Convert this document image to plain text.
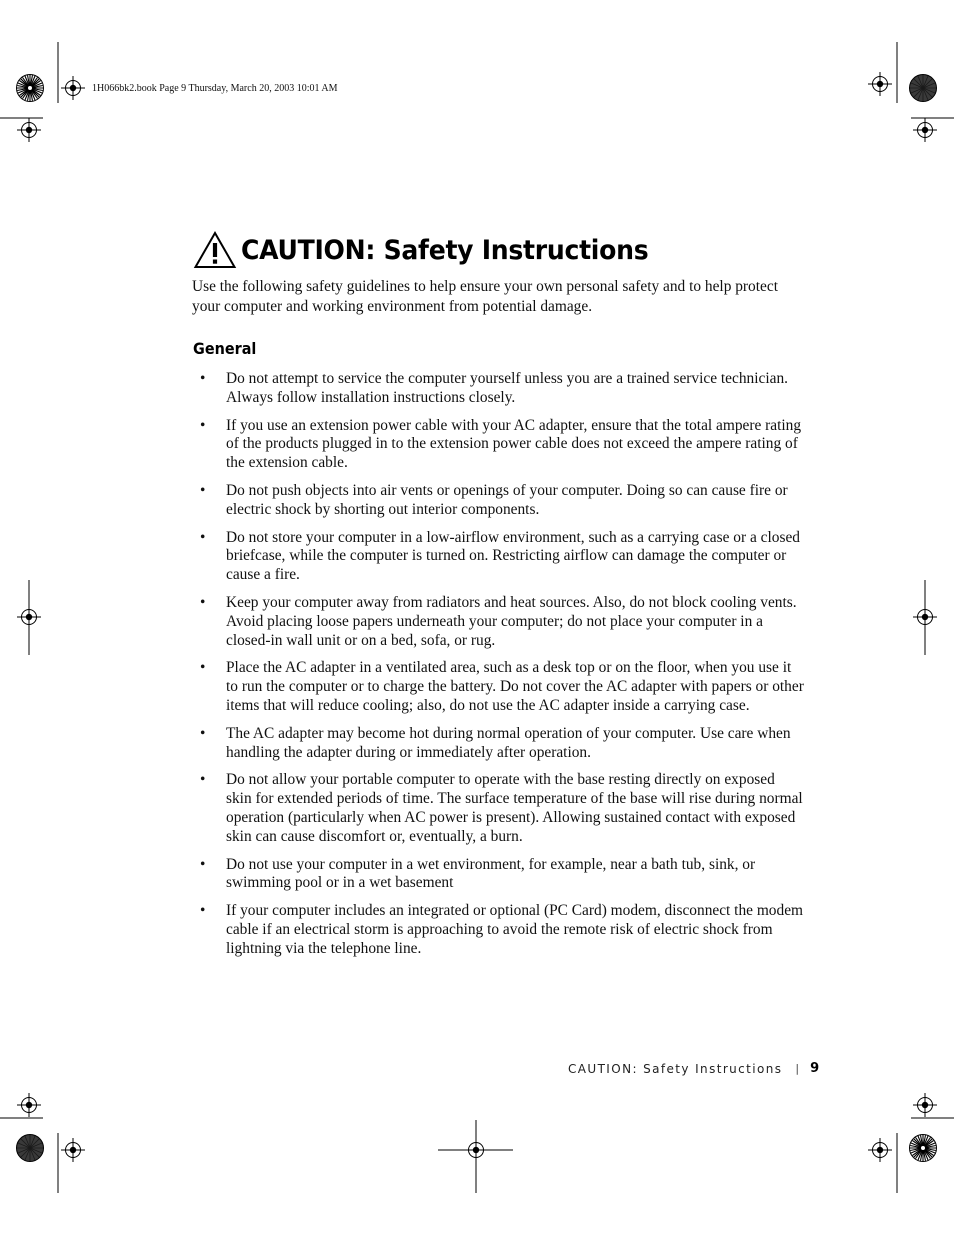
1H066bk2.book Page 9 Thursday, March 20, 2003 10:01 AM
CAUTION: Safety Instructions

Use the following safety guidelines to help ensure your own personal safety and to help protect your computer and working environment from potential damage.

General
• Do not attempt to service the computer yourself unless you are a trained service technician. Always follow installation instructions closely.
• If you use an extension power cable with your AC adapter, ensure that the total ampere rating of the products plugged in to the extension power cable does not exceed the ampere rating of the extension cable.
• Do not push objects into air vents or openings of your computer. Doing so can cause fire or electric shock by shorting out interior components.
• Do not store your computer in a low-airflow environment, such as a carrying case or a closed briefcase, while the computer is turned on. Restricting airflow can damage the computer or cause a fire.
• Keep your computer away from radiators and heat sources. Also, do not block cooling vents. Avoid placing loose papers underneath your computer; do not place your computer in a closed-in wall unit or on a bed, sofa, or rug.
• Place the AC adapter in a ventilated area, such as a desk top or on the floor, when you use it to run the computer or to charge the battery. Do not cover the AC adapter with papers or other items that will reduce cooling; also, do not use the AC adapter inside a carrying case.
• The AC adapter may become hot during normal operation of your computer. Use care when handling the adapter during or immediately after operation.
• Do not allow your portable computer to operate with the base resting directly on exposed skin for extended periods of time. The surface temperature of the base will rise during normal operation (particularly when AC power is present). Allowing sustained contact with exposed skin can cause discomfort or, eventually, a burn.
• Do not use your computer in a wet environment, for example, near a bath tub, sink, or swimming pool or in a wet basement
• If your computer includes an integrated or optional (PC Card) modem, disconnect the modem cable if an electrical storm is approaching to avoid the remote risk of electric shock from lightning via the telephone line.
CAUTION: Safety Instructions | 9
